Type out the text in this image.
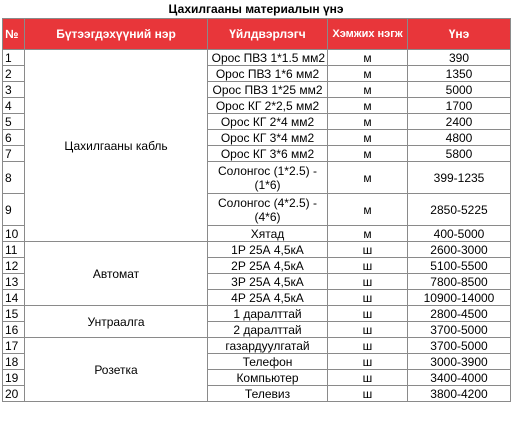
Цахилгааны материалын үнэ
№	Бүтээгдэхүүний нэр	Үйлдвэрлэгч	Хэмжих нэгж	Үнэ
1	Цахилгааны кабль	Орос ПВЗ 1*1.5 мм2	м	390
2		Орос ПВЗ 1*6 мм2	м	1350
3		Орос ПВЗ 1*25 мм2	м	5000
4		Орос КГ 2*2,5 мм2	м	1700
5		Орос КГ 2*4 мм2	м	2400
6		Орос КГ 3*4 мм2	м	4800
7		Орос КГ 3*6 мм2	м	5800
8		Солонгос (1*2.5) - (1*6)	м	399-1235
9		Солонгос (4*2.5) - (4*6)	м	2850-5225
10		Хятад	м	400-5000
11	Автомат	1Р 25А 4,5кА	ш	2600-3000
12		2Р 25А 4,5кА	ш	5100-5500
13		3Р 25А 4,5кА	ш	7800-8500
14		4Р 25А 4,5кА	ш	10900-14000
15	Унтраалга	1 даралттай	ш	2800-4500
16		2 даралттай	ш	3700-5000
17	Розетка	газардуулгатай	ш	3700-5000
18		Телефон	ш	3000-3900
19		Компьютер	ш	3400-4000
20		Телевиз	ш	3800-4200
